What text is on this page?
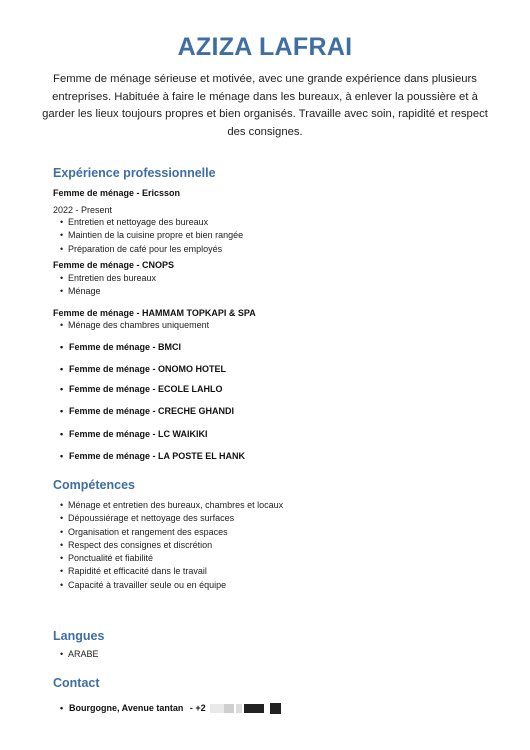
AZIZA LAFRAI
Femme de ménage sérieuse et motivée, avec une grande expérience dans plusieurs entreprises. Habituée à faire le ménage dans les bureaux, à enlever la poussière et à garder les lieux toujours propres et bien organisés. Travaille avec soin, rapidité et respect des consignes.
Expérience professionnelle
Femme de ménage - Ericsson
2022 - Present
• Entretien et nettoyage des bureaux
• Maintien de la cuisine propre et bien rangée
• Préparation de café pour les employés
Femme de ménage - CNOPS
• Entretien des bureaux
• Ménage
Femme de ménage - HAMMAM TOPKAPI & SPA
• Ménage des chambres uniquement
• Femme de ménage - BMCI
• Femme de ménage - ONOMO HOTEL
• Femme de ménage - ECOLE LAHLO
• Femme de ménage - CRECHE GHANDI
• Femme de ménage - LC WAIKIKI
• Femme de ménage - LA POSTE EL HANK
Compétences
• Ménage et entretien des bureaux, chambres et locaux
• Dépoussiérage et nettoyage des surfaces
• Organisation et rangement des espaces
• Respect des consignes et discrétion
• Ponctualité et fiabilité
• Rapidité et efficacité dans le travail
• Capacité à travailler seule ou en équipe
Langues
• ARABE
Contact
• Bourgogne, Avenue tantan - +2
